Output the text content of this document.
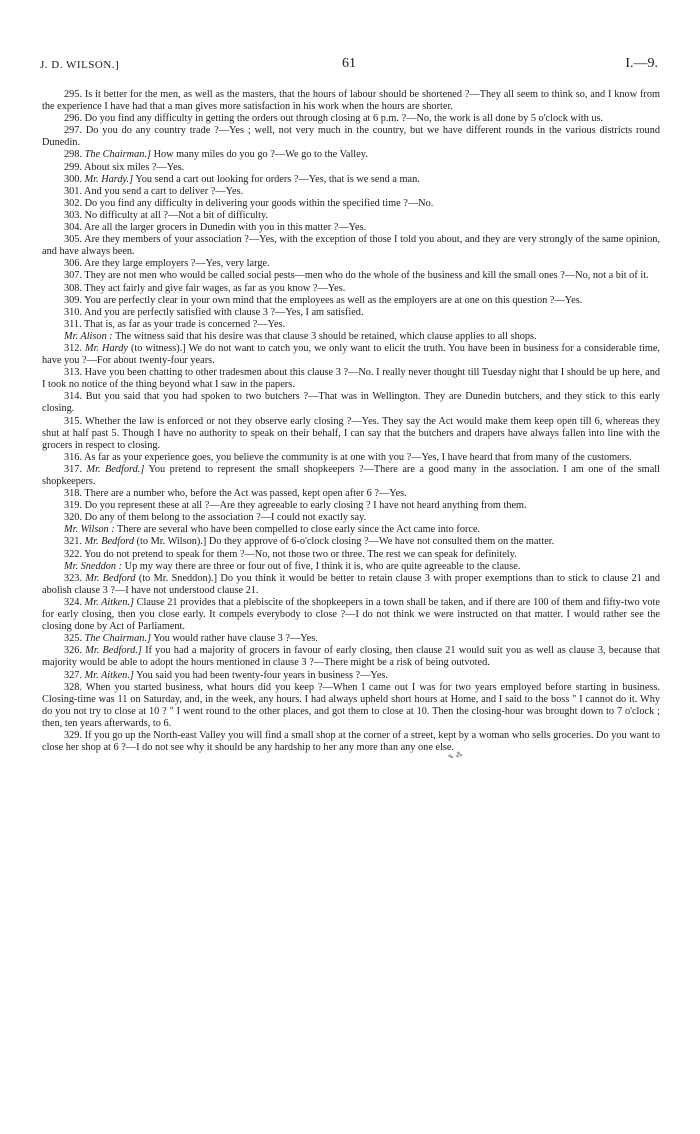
J. D. WILSON.]	61	I.—9.

295. Is it better for the men, as well as the masters, that the hours of labour should be shortened ?—They all seem to think so, and I know from the experience I have had that a man gives more satisfaction in his work when the hours are shorter.

296. Do you find any difficulty in getting the orders out through closing at 6 p.m. ?—No, the work is all done by 5 o'clock with us.

297. Do you do any country trade ?—Yes ; well, not very much in the country, but we have different rounds in the various districts round Dunedin.

298. The Chairman.] How many miles do you go ?—We go to the Valley.

299. About six miles ?—Yes.

300. Mr. Hardy.] You send a cart out looking for orders ?—Yes, that is we send a man.

301. And you send a cart to deliver ?—Yes.

302. Do you find any difficulty in delivering your goods within the specified time ?—No.

303. No difficulty at all ?—Not a bit of difficulty.

304. Are all the larger grocers in Dunedin with you in this matter ?—Yes.

305. Are they members of your association ?—Yes, with the exception of those I told you about, and they are very strongly of the same opinion, and have always been.

306. Are they large employers ?—Yes, very large.

307. They are not men who would be called social pests—men who do the whole of the business and kill the small ones ?—No, not a bit of it.

308. They act fairly and give fair wages, as far as you know ?—Yes.

309. You are perfectly clear in your own mind that the employees as well as the employers are at one on this question ?—Yes.

310. And you are perfectly satisfied with clause 3 ?—Yes, I am satisfied.

311. That is, as far as your trade is concerned ?—Yes.

Mr. Alison : The witness said that his desire was that clause 3 should be retained, which clause applies to all shops.

312. Mr. Hardy (to witness).] We do not want to catch you, we only want to elicit the truth. You have been in business for a considerable time, have you ?—For about twenty-four years.

313. Have you been chatting to other tradesmen about this clause 3 ?—No. I really never thought till Tuesday night that I should be up here, and I took no notice of the thing beyond what I saw in the papers.

314. But you said that you had spoken to two butchers ?—That was in Wellington. They are Dunedin butchers, and they stick to this early closing.

315. Whether the law is enforced or not they observe early closing ?—Yes. They say the Act would make them keep open till 6, whereas they shut at half past 5. Though I have no authority to speak on their behalf, I can say that the butchers and drapers have always fallen into line with the grocers in respect to closing.

316. As far as your experience goes, you believe the community is at one with you ?—Yes, I have heard that from many of the customers.

317. Mr. Bedford.] You pretend to represent the small shopkeepers ?—There are a good many in the association. I am one of the small shopkeepers.

318. There are a number who, before the Act was passed, kept open after 6 ?—Yes.

319. Do you represent these at all ?—Are they agreeable to early closing ? I have not heard anything from them.

320. Do any of them belong to the association ?—I could not exactly say.

Mr. Wilson : There are several who have been compelled to close early since the Act came into force.

321. Mr. Bedford (to Mr. Wilson).] Do they approve of 6-o'clock closing ?—We have not consulted them on the matter.

322. You do not pretend to speak for them ?—No, not those two or three. The rest we can speak for definitely.

Mr. Sneddon : Up my way there are three or four out of five, I think it is, who are quite agreeable to the clause.

323. Mr. Bedford (to Mr. Sneddon).] Do you think it would be better to retain clause 3 with proper exemptions than to stick to clause 21 and abolish clause 3 ?—I have not understood clause 21.

324. Mr. Aitken.] Clause 21 provides that a plebiscite of the shopkeepers in a town shall be taken, and if there are 100 of them and fifty-two vote for early closing, then you close early. It compels everybody to close ?—I do not think we were instructed on that matter. I would rather see the closing done by Act of Parliament.

325. The Chairman.] You would rather have clause 3 ?—Yes.

326. Mr. Bedford.] If you had a majority of grocers in favour of early closing, then clause 21 would suit you as well as clause 3, because that majority would be able to adopt the hours mentioned in clause 3 ?—There might be a risk of being outvoted.

327. Mr. Aitken.] You said you had been twenty-four years in business ?—Yes.

328. When you started business, what hours did you keep ?—When I came out I was for two years employed before starting in business. Closing-time was 11 on Saturday, and, in the week, any hours. I had always upheld short hours at Home, and I said to the boss " I cannot do it. Why do you not try to close at 10 ? " I went round to the other places, and got them to close at 10. Then the closing-hour was brought down to 7 o'clock ; then, ten years afterwards, to 6.

329. If you go up the North-east Valley you will find a small shop at the corner of a street, kept by a woman who sells groceries. Do you want to close her shop at 6 ?—I do not see why it should be any hardship to her any more than any one else.

✎ ⁂
